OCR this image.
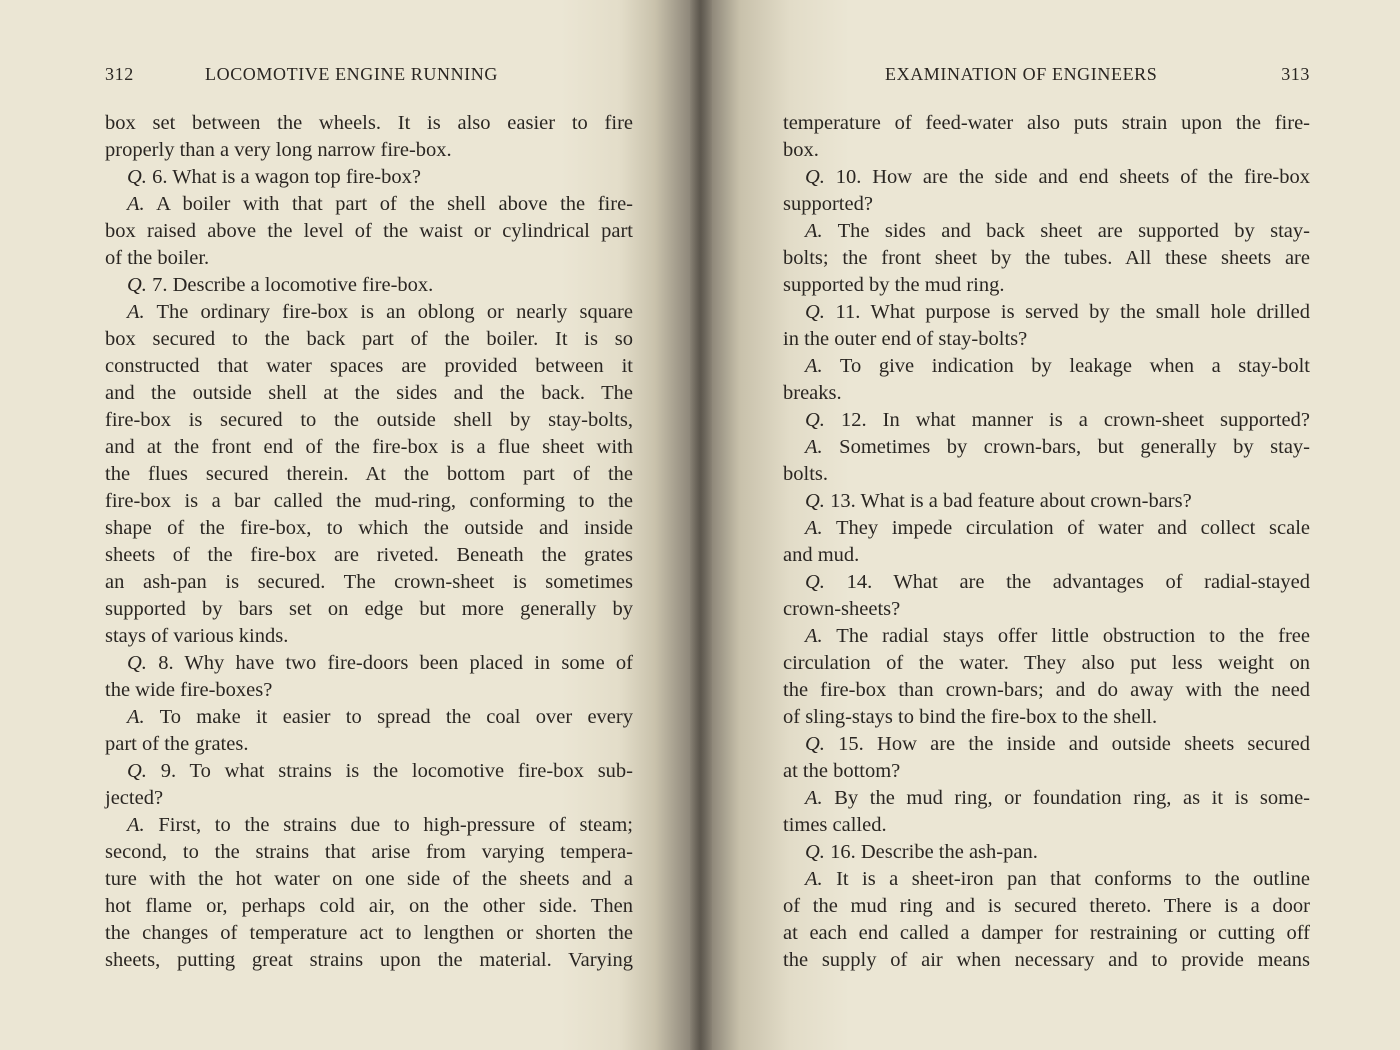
312	LOCOMOTIVE ENGINE RUNNING
box set between the wheels. It is also easier to fire
properly than a very long narrow fire-box.
Q. 6. What is a wagon top fire-box?
A. A boiler with that part of the shell above the fire-
box raised above the level of the waist or cylindrical part
of the boiler.
Q. 7. Describe a locomotive fire-box.
A. The ordinary fire-box is an oblong or nearly square
box secured to the back part of the boiler. It is so
constructed that water spaces are provided between it
and the outside shell at the sides and the back. The
fire-box is secured to the outside shell by stay-bolts,
and at the front end of the fire-box is a flue sheet with
the flues secured therein. At the bottom part of the
fire-box is a bar called the mud-ring, conforming to the
shape of the fire-box, to which the outside and inside
sheets of the fire-box are riveted. Beneath the grates
an ash-pan is secured. The crown-sheet is sometimes
supported by bars set on edge but more generally by
stays of various kinds.
Q. 8. Why have two fire-doors been placed in some of
the wide fire-boxes?
A. To make it easier to spread the coal over every
part of the grates.
Q. 9. To what strains is the locomotive fire-box sub-
jected?
A. First, to the strains due to high-pressure of steam;
second, to the strains that arise from varying tempera-
ture with the hot water on one side of the sheets and a
hot flame or, perhaps cold air, on the other side. Then
the changes of temperature act to lengthen or shorten the
sheets, putting great strains upon the material. Varying
EXAMINATION OF ENGINEERS	313
temperature of feed-water also puts strain upon the fire-
box.
Q. 10. How are the side and end sheets of the fire-box
supported?
A. The sides and back sheet are supported by stay-
bolts; the front sheet by the tubes. All these sheets are
supported by the mud ring.
Q. 11. What purpose is served by the small hole drilled
in the outer end of stay-bolts?
A. To give indication by leakage when a stay-bolt
breaks.
Q. 12. In what manner is a crown-sheet supported?
A. Sometimes by crown-bars, but generally by stay-
bolts.
Q. 13. What is a bad feature about crown-bars?
A. They impede circulation of water and collect scale
and mud.
Q. 14. What are the advantages of radial-stayed
crown-sheets?
A. The radial stays offer little obstruction to the free
circulation of the water. They also put less weight on
the fire-box than crown-bars; and do away with the need
of sling-stays to bind the fire-box to the shell.
Q. 15. How are the inside and outside sheets secured
at the bottom?
A. By the mud ring, or foundation ring, as it is some-
times called.
Q. 16. Describe the ash-pan.
A. It is a sheet-iron pan that conforms to the outline
of the mud ring and is secured thereto. There is a door
at each end called a damper for restraining or cutting off
the supply of air when necessary and to provide means
